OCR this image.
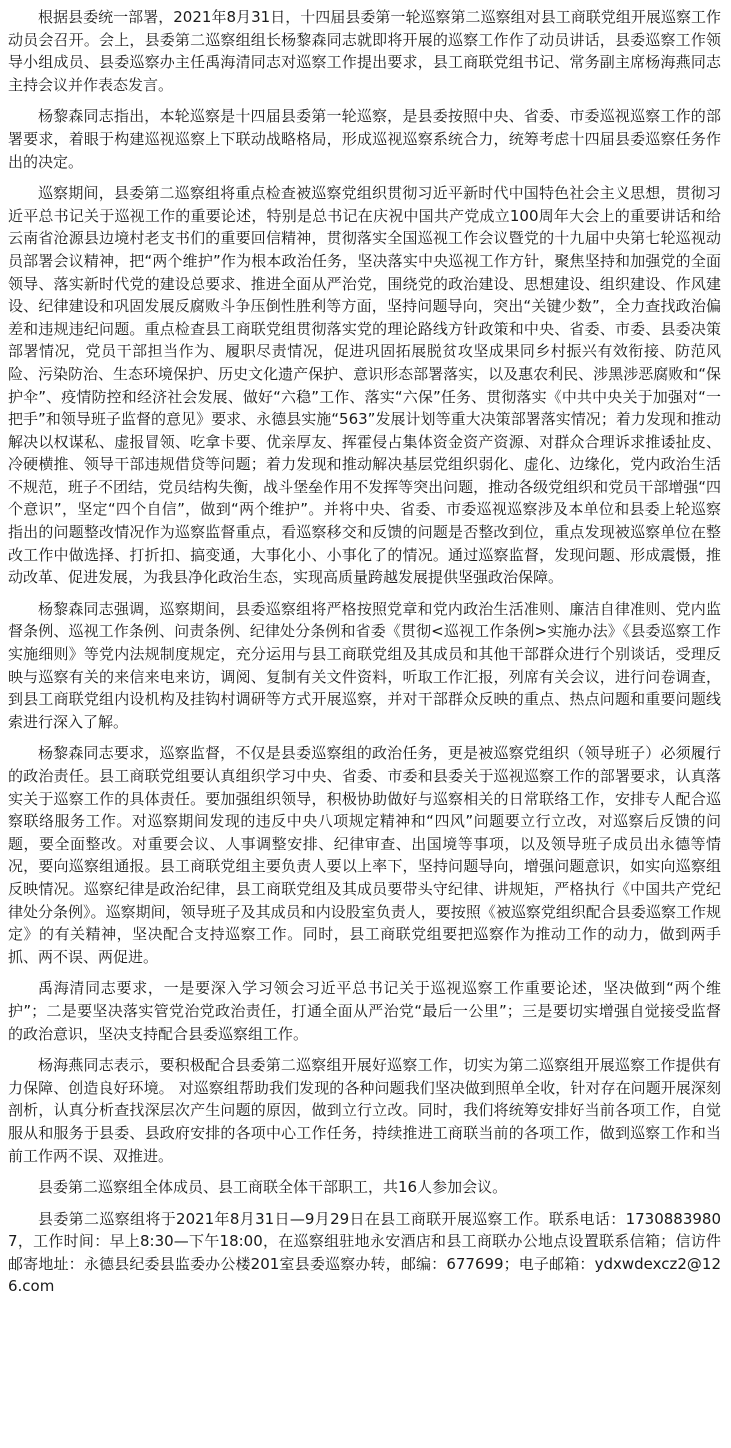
根据县委统一部署，2021年8月31日，十四届县委第一轮巡察第二巡察组对县工商联党组开展巡察工作动员会召开。会上，县委第二巡察组组长杨黎森同志就即将开展的巡察工作作了动员讲话，县委巡察工作领导小组成员、县委巡察办主任禹海清同志对巡察工作提出要求，县工商联党组书记、常务副主席杨海燕同志主持会议并作表态发言。

杨黎森同志指出，本轮巡察是十四届县委第一轮巡察，是县委按照中央、省委、市委巡视巡察工作的部署要求，着眼于构建巡视巡察上下联动战略格局，形成巡视巡察系统合力，统筹考虑十四届县委巡察任务作出的决定。

巡察期间，县委第二巡察组将重点检查被巡察党组织贯彻习近平新时代中国特色社会主义思想，贯彻习近平总书记关于巡视工作的重要论述，特别是总书记在庆祝中国共产党成立100周年大会上的重要讲话和给云南省沧源县边境村老支书们的重要回信精神，贯彻落实全国巡视工作会议暨党的十九届中央第七轮巡视动员部署会议精神，把“两个维护”作为根本政治任务，坚决落实中央巡视工作方针，聚焦坚持和加强党的全面领导、落实新时代党的建设总要求、推进全面从严治党，围绕党的政治建设、思想建设、组织建设、作风建设、纪律建设和巩固发展反腐败斗争压倒性胜利等方面，坚持问题导向，突出“关键少数”，全力查找政治偏差和违规违纪问题。重点检查县工商联党组贯彻落实党的理论路线方针政策和中央、省委、市委、县委决策部署情况，党员干部担当作为、履职尽责情况，促进巩固拓展脱贫攻坚成果同乡村振兴有效衔接、防范风险、污染防治、生态环境保护、历史文化遗产保护、意识形态部署落实，以及惠农利民、涉黑涉恶腐败和“保护伞”、疫情防控和经济社会发展、做好“六稳”工作、落实“六保”任务、贯彻落实《中共中央关于加强对“一把手”和领导班子监督的意见》要求、永德县实施“563”发展计划等重大决策部署落实情况；着力发现和推动解决以权谋私、虚报冒领、吃拿卡要、优亲厚友、挥霍侵占集体资金资产资源、对群众合理诉求推诿扯皮、冷硬横推、领导干部违规借贷等问题；着力发现和推动解决基层党组织弱化、虚化、边缘化，党内政治生活不规范，班子不团结，党员结构失衡，战斗堡垒作用不发挥等突出问题，推动各级党组织和党员干部增强“四个意识”，坚定“四个自信”，做到“两个维护”。并将中央、省委、市委巡视巡察涉及本单位和县委上轮巡察指出的问题整改情况作为巡察监督重点，看巡察移交和反馈的问题是否整改到位，重点发现被巡察单位在整改工作中做选择、打折扣、搞变通，大事化小、小事化了的情况。通过巡察监督，发现问题、形成震慑，推动改革、促进发展，为我县净化政治生态，实现高质量跨越发展提供坚强政治保障。

杨黎森同志强调，巡察期间，县委巡察组将严格按照党章和党内政治生活准则、廉洁自律准则、党内监督条例、巡视工作条例、问责条例、纪律处分条例和省委《贯彻<巡视工作条例>实施办法》《县委巡察工作实施细则》等党内法规制度规定，充分运用与县工商联党组及其成员和其他干部群众进行个别谈话，受理反映与巡察有关的来信来电来访，调阅、复制有关文件资料，听取工作汇报，列席有关会议，进行问卷调查，到县工商联党组内设机构及挂钩村调研等方式开展巡察，并对干部群众反映的重点、热点问题和重要问题线索进行深入了解。

杨黎森同志要求，巡察监督，不仅是县委巡察组的政治任务，更是被巡察党组织（领导班子）必须履行的政治责任。县工商联党组要认真组织学习中央、省委、市委和县委关于巡视巡察工作的部署要求，认真落实关于巡察工作的具体责任。要加强组织领导，积极协助做好与巡察相关的日常联络工作，安排专人配合巡察联络服务工作。对巡察期间发现的违反中央八项规定精神和“四风”问题要立行立改，对巡察后反馈的问题，要全面整改。对重要会议、人事调整安排、纪律审查、出国境等事项，以及领导班子成员出永德等情况，要向巡察组通报。县工商联党组主要负责人要以上率下，坚持问题导向，增强问题意识，如实向巡察组反映情况。巡察纪律是政治纪律，县工商联党组及其成员要带头守纪律、讲规矩，严格执行《中国共产党纪律处分条例》。巡察期间，领导班子及其成员和内设股室负责人，要按照《被巡察党组织配合县委巡察工作规定》的有关精神，坚决配合支持巡察工作。同时，县工商联党组要把巡察作为推动工作的动力，做到两手抓、两不误、两促进。

禹海清同志要求，一是要深入学习领会习近平总书记关于巡视巡察工作重要论述，坚决做到“两个维护”；二是要坚决落实管党治党政治责任，打通全面从严治党“最后一公里”；三是要切实增强自觉接受监督的政治意识，坚决支持配合县委巡察组工作。

杨海燕同志表示，要积极配合县委第二巡察组开展好巡察工作，切实为第二巡察组开展巡察工作提供有力保障、创造良好环境。 对巡察组帮助我们发现的各种问题我们坚决做到照单全收，针对存在问题开展深刻剖析，认真分析查找深层次产生问题的原因，做到立行立改。同时，我们将统筹安排好当前各项工作，自觉服从和服务于县委、县政府安排的各项中心工作任务，持续推进工商联当前的各项工作，做到巡察工作和当前工作两不误、双推进。

县委第二巡察组全体成员、县工商联全体干部职工，共16人参加会议。

县委第二巡察组将于2021年8月31日—9月29日在县工商联开展巡察工作。联系电话：17308839807，工作时间：早上8:30—下午18:00，在巡察组驻地永安酒店和县工商联办公地点设置联系信箱；信访件邮寄地址：永德县纪委县监委办公楼201室县委巡察办转，邮编：677699；电子邮箱：ydxwdexcz2@126.com
